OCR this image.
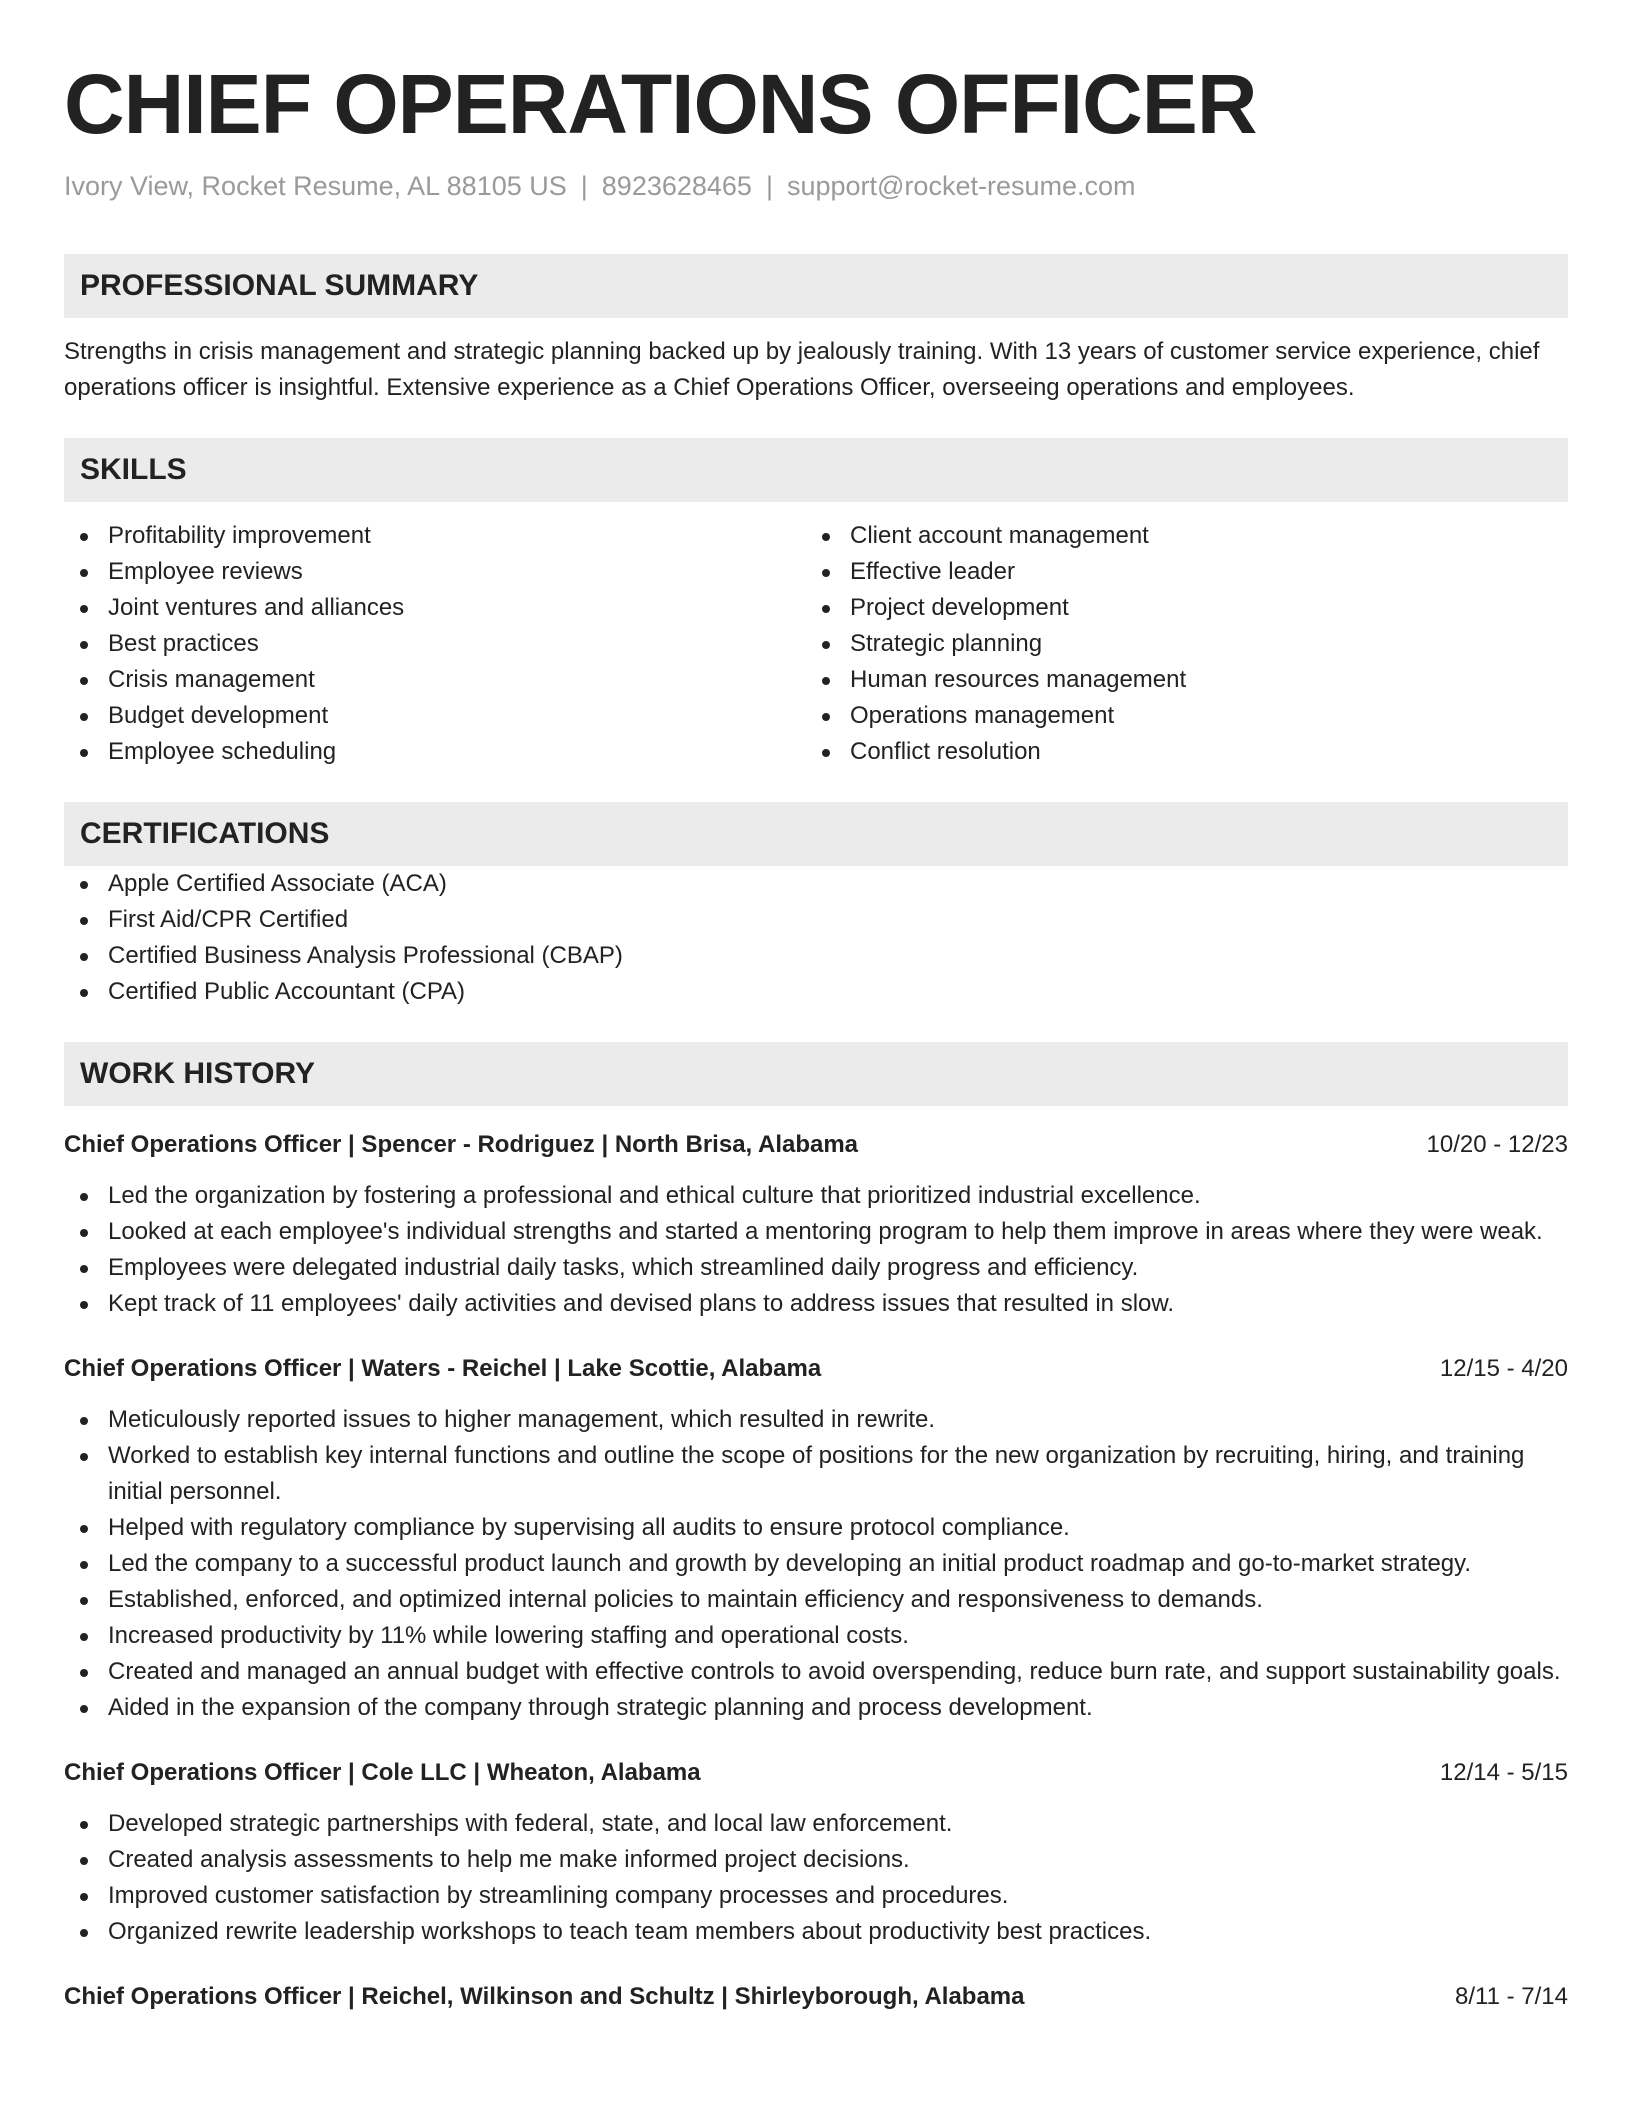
CHIEF OPERATIONS OFFICER
Ivory View, Rocket Resume, AL 88105 US | 8923628465 | support@rocket-resume.com
PROFESSIONAL SUMMARY
Strengths in crisis management and strategic planning backed up by jealously training. With 13 years of customer service experience, chief operations officer is insightful. Extensive experience as a Chief Operations Officer, overseeing operations and employees.
SKILLS
Profitability improvement
Employee reviews
Joint ventures and alliances
Best practices
Crisis management
Budget development
Employee scheduling
Client account management
Effective leader
Project development
Strategic planning
Human resources management
Operations management
Conflict resolution
CERTIFICATIONS
Apple Certified Associate (ACA)
First Aid/CPR Certified
Certified Business Analysis Professional (CBAP)
Certified Public Accountant (CPA)
WORK HISTORY
Chief Operations Officer | Spencer - Rodriguez | North Brisa, Alabama	10/20 - 12/23
Led the organization by fostering a professional and ethical culture that prioritized industrial excellence.
Looked at each employee's individual strengths and started a mentoring program to help them improve in areas where they were weak.
Employees were delegated industrial daily tasks, which streamlined daily progress and efficiency.
Kept track of 11 employees' daily activities and devised plans to address issues that resulted in slow.
Chief Operations Officer | Waters - Reichel | Lake Scottie, Alabama	12/15 - 4/20
Meticulously reported issues to higher management, which resulted in rewrite.
Worked to establish key internal functions and outline the scope of positions for the new organization by recruiting, hiring, and training initial personnel.
Helped with regulatory compliance by supervising all audits to ensure protocol compliance.
Led the company to a successful product launch and growth by developing an initial product roadmap and go-to-market strategy.
Established, enforced, and optimized internal policies to maintain efficiency and responsiveness to demands.
Increased productivity by 11% while lowering staffing and operational costs.
Created and managed an annual budget with effective controls to avoid overspending, reduce burn rate, and support sustainability goals.
Aided in the expansion of the company through strategic planning and process development.
Chief Operations Officer | Cole LLC | Wheaton, Alabama	12/14 - 5/15
Developed strategic partnerships with federal, state, and local law enforcement.
Created analysis assessments to help me make informed project decisions.
Improved customer satisfaction by streamlining company processes and procedures.
Organized rewrite leadership workshops to teach team members about productivity best practices.
Chief Operations Officer | Reichel, Wilkinson and Schultz | Shirleyborough, Alabama	8/11 - 7/14
